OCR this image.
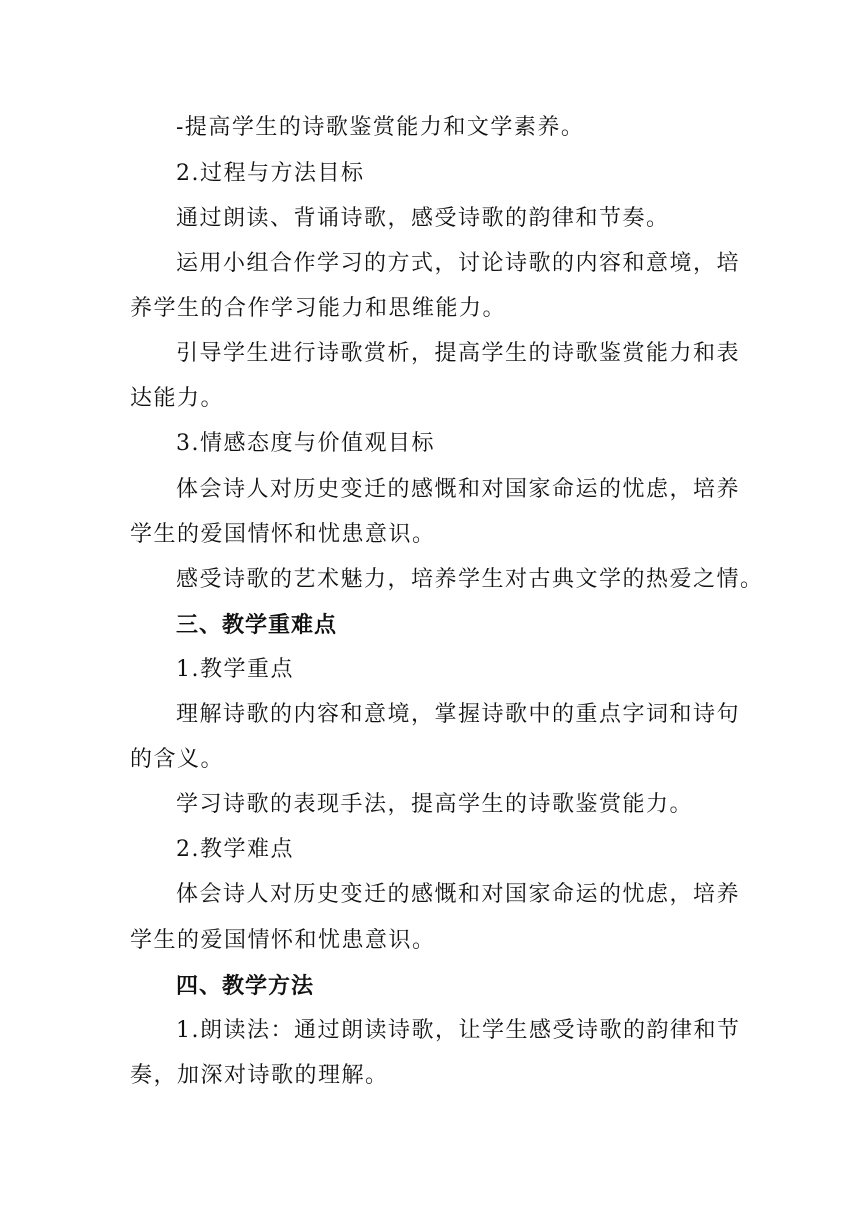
-提高学生的诗歌鉴赏能力和文学素养。
2.过程与方法目标
通过朗读、背诵诗歌，感受诗歌的韵律和节奏。
运用小组合作学习的方式，讨论诗歌的内容和意境，培
养学生的合作学习能力和思维能力。
引导学生进行诗歌赏析，提高学生的诗歌鉴赏能力和表
达能力。
3.情感态度与价值观目标
体会诗人对历史变迁的感慨和对国家命运的忧虑，培养
学生的爱国情怀和忧患意识。
感受诗歌的艺术魅力，培养学生对古典文学的热爱之情。
三、教学重难点
1.教学重点
理解诗歌的内容和意境，掌握诗歌中的重点字词和诗句
的含义。
学习诗歌的表现手法，提高学生的诗歌鉴赏能力。
2.教学难点
体会诗人对历史变迁的感慨和对国家命运的忧虑，培养
学生的爱国情怀和忧患意识。
四、教学方法
1.朗读法：通过朗读诗歌，让学生感受诗歌的韵律和节
奏，加深对诗歌的理解。
